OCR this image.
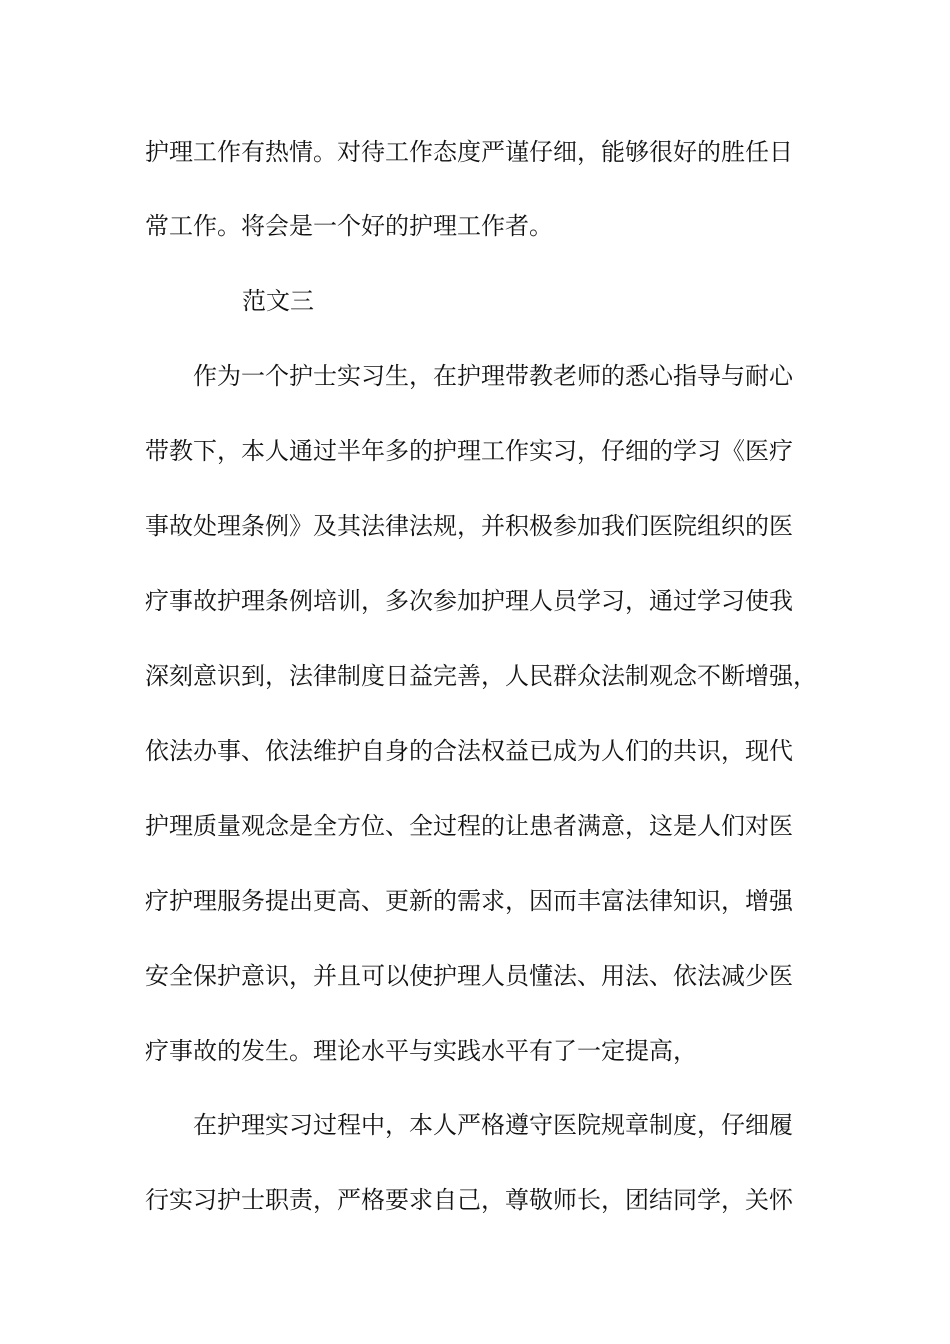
护理工作有热情。对待工作态度严谨仔细，能够很好的胜任日
常工作。将会是一个好的护理工作者。
范文三
作为一个护士实习生，在护理带教老师的悉心指导与耐心
带教下，本人通过半年多的护理工作实习，仔细的学习《医疗
事故处理条例》及其法律法规，并积极参加我们医院组织的医
疗事故护理条例培训，多次参加护理人员学习，通过学习使我
深刻意识到，法律制度日益完善，人民群众法制观念不断增强，
依法办事、依法维护自身的合法权益已成为人们的共识，现代
护理质量观念是全方位、全过程的让患者满意，这是人们对医
疗护理服务提出更高、更新的需求，因而丰富法律知识，增强
安全保护意识，并且可以使护理人员懂法、用法、依法减少医
疗事故的发生。理论水平与实践水平有了一定提高，
在护理实习过程中，本人严格遵守医院规章制度，仔细履
行实习护士职责，严格要求自己，尊敬师长，团结同学，关怀
